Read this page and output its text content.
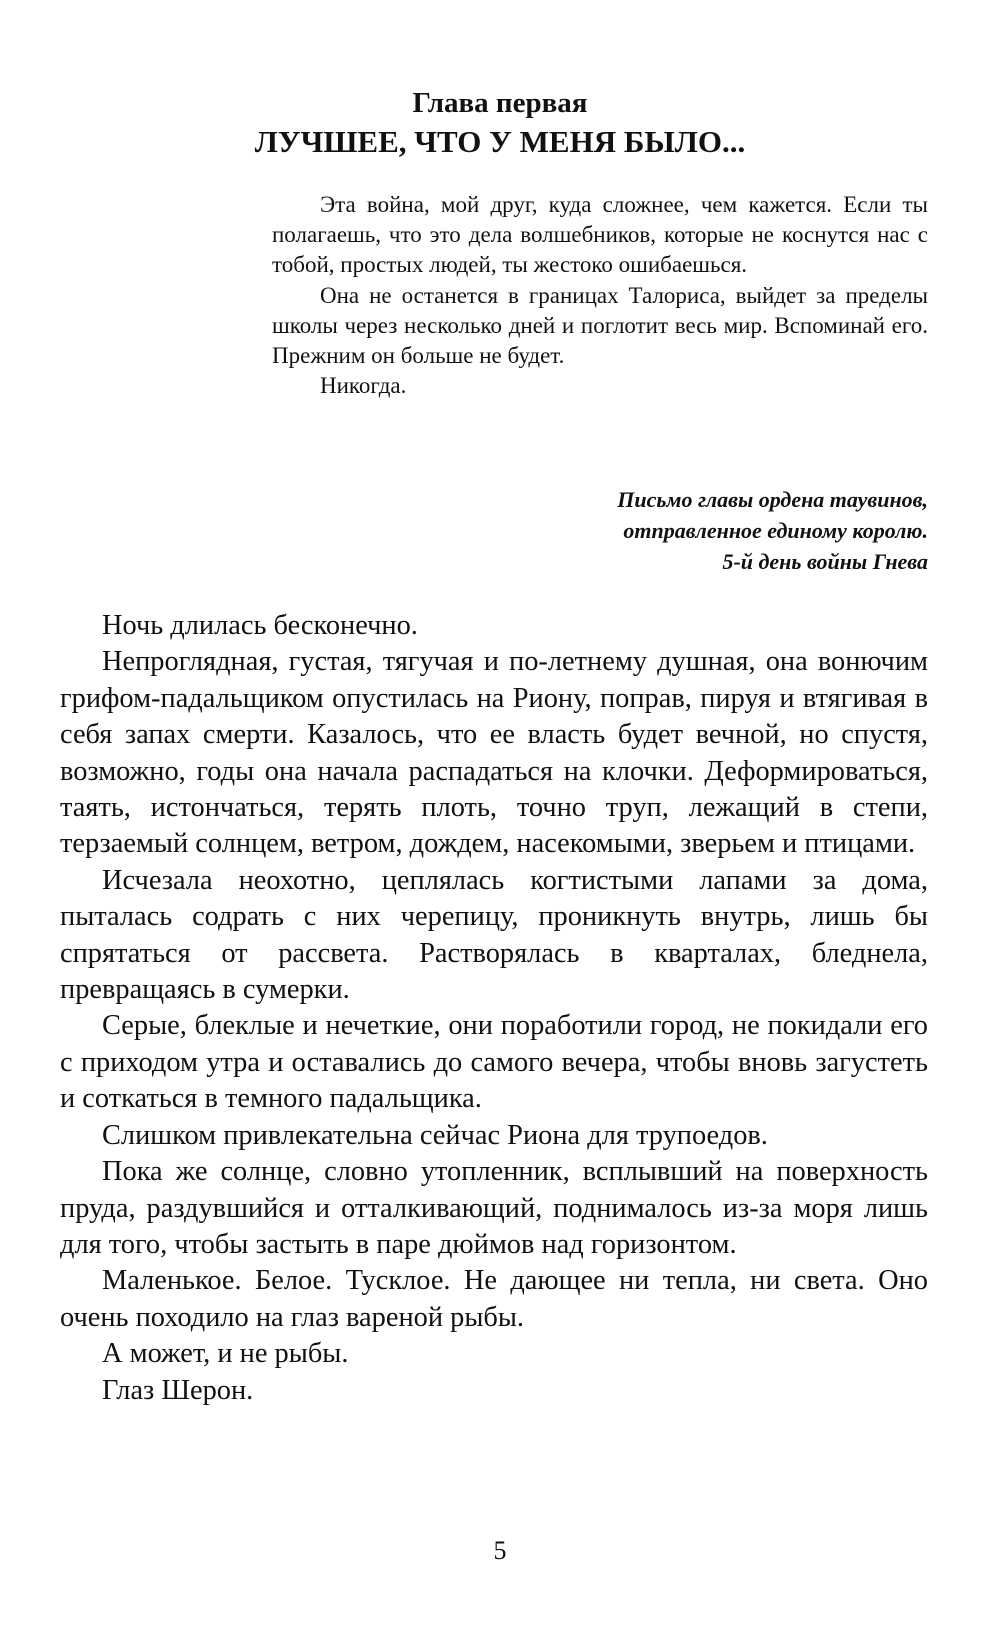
Глава первая
ЛУЧШЕЕ, ЧТО У МЕНЯ БЫЛО...

Эта война, мой друг, куда сложнее, чем кажется. Если ты полагаешь, что это дела волшебников, которые не коснутся нас с тобой, простых людей, ты жестоко ошибаешься.

Она не останется в границах Талориса, выйдет за пределы школы через несколько дней и поглотит весь мир. Вспоминай его. Прежним он больше не будет.

Никогда.

Письмо главы ордена таувинов,
отправленное единому королю.
5-й день войны Гнева

Ночь длилась бесконечно.

Непроглядная, густая, тягучая и по-летнему душная, она вонючим грифом-падальщиком опустилась на Риону, поправ, пируя и втягивая в себя запах смерти. Казалось, что ее власть будет вечной, но спустя, возможно, годы она начала распадаться на клочки. Деформироваться, таять, истончаться, терять плоть, точно труп, лежащий в степи, терзаемый солнцем, ветром, дождем, насекомыми, зверьем и птицами.

Исчезала неохотно, цеплялась когтистыми лапами за дома, пыталась содрать с них черепицу, проникнуть внутрь, лишь бы спрятаться от рассвета. Растворялась в кварталах, бледнела, превращаясь в сумерки.

Серые, блеклые и нечеткие, они поработили город, не покидали его с приходом утра и оставались до самого вечера, чтобы вновь загустеть и соткаться в темного падальщика.

Слишком привлекательна сейчас Риона для трупоедов.

Пока же солнце, словно утопленник, всплывший на поверхность пруда, раздувшийся и отталкивающий, поднималось из-за моря лишь для того, чтобы застыть в паре дюймов над горизонтом.

Маленькое. Белое. Тусклое. Не дающее ни тепла, ни света. Оно очень походило на глаз вареной рыбы.

А может, и не рыбы.

Глаз Шерон.

5
